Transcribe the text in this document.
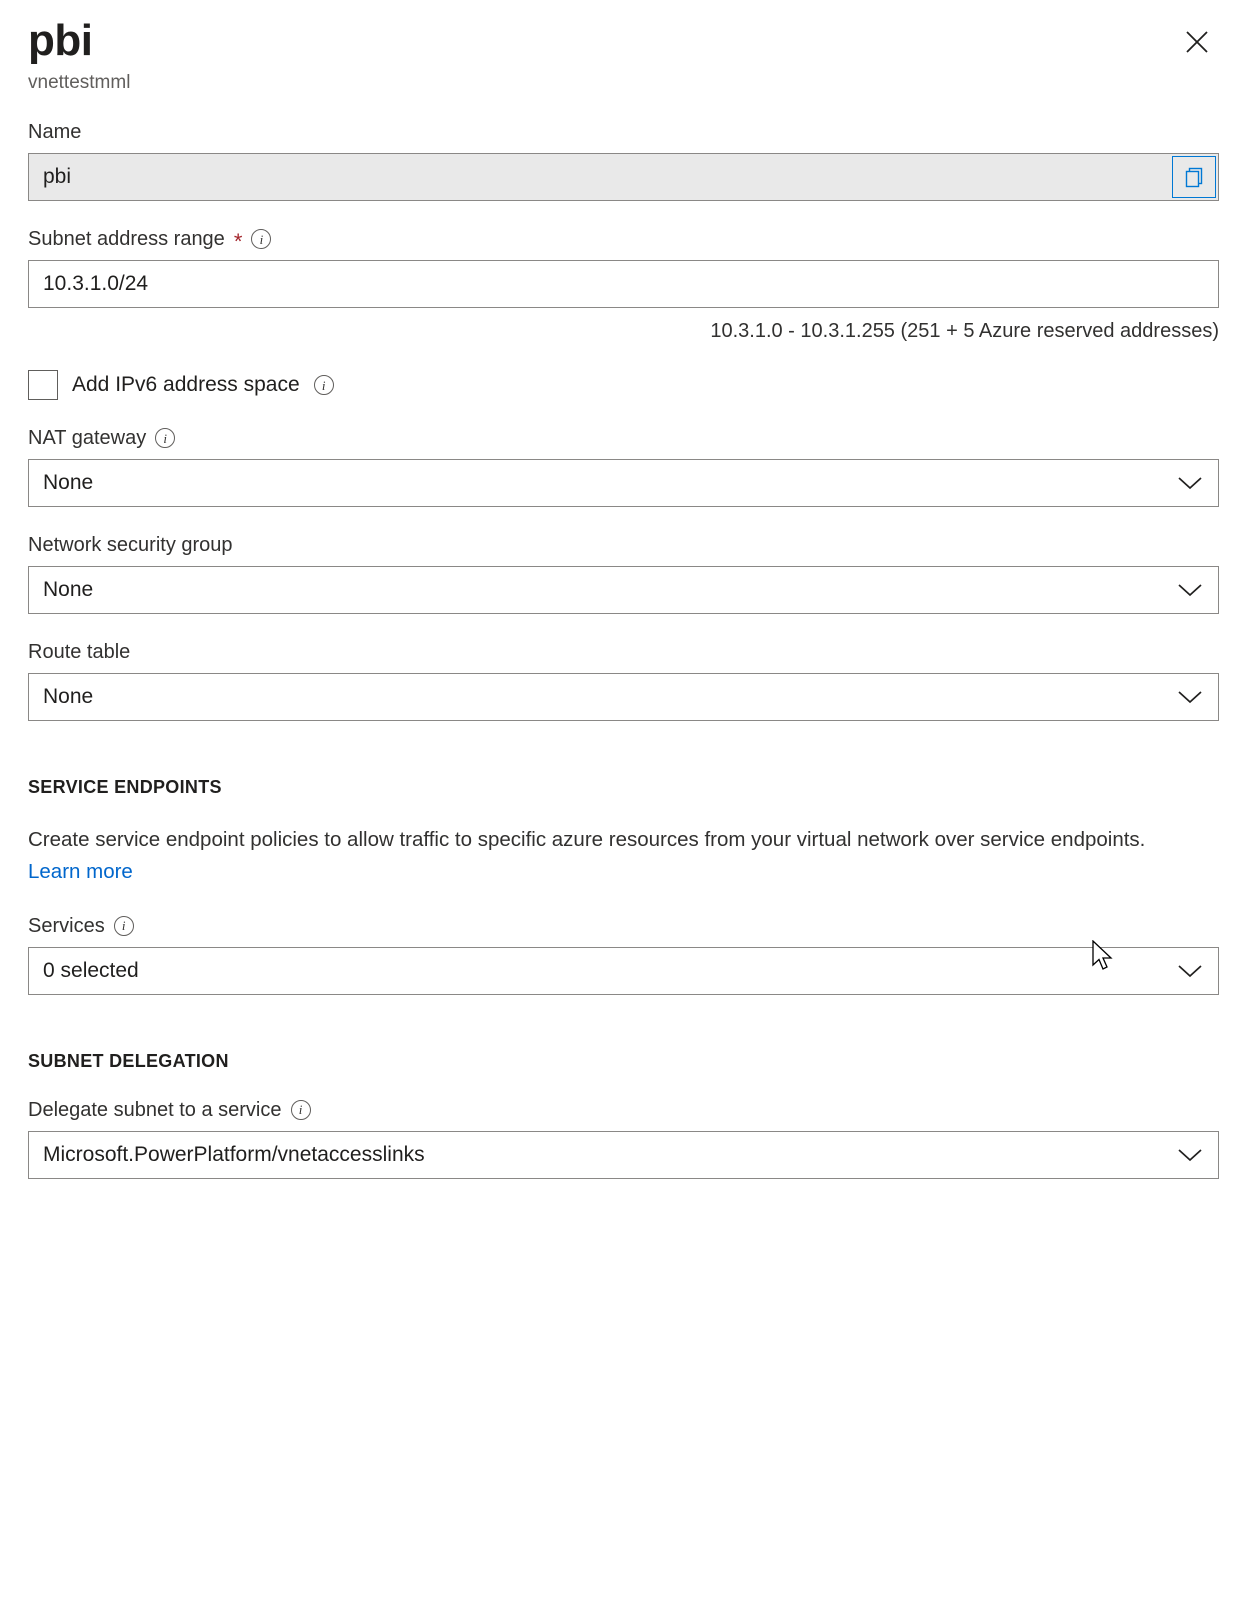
pbi
vnettestmml
Name
pbi
Subnet address range *	i
10.3.1.0/24
10.3.1.0 - 10.3.1.255 (251 + 5 Azure reserved addresses)
Add IPv6 address space	i
NAT gateway	i
None
Network security group
None
Route table
None
SERVICE ENDPOINTS
Create service endpoint policies to allow traffic to specific azure resources from your virtual network over service endpoints. Learn more
Services	i
0 selected
SUBNET DELEGATION
Delegate subnet to a service	i
Microsoft.PowerPlatform/vnetaccesslinks
